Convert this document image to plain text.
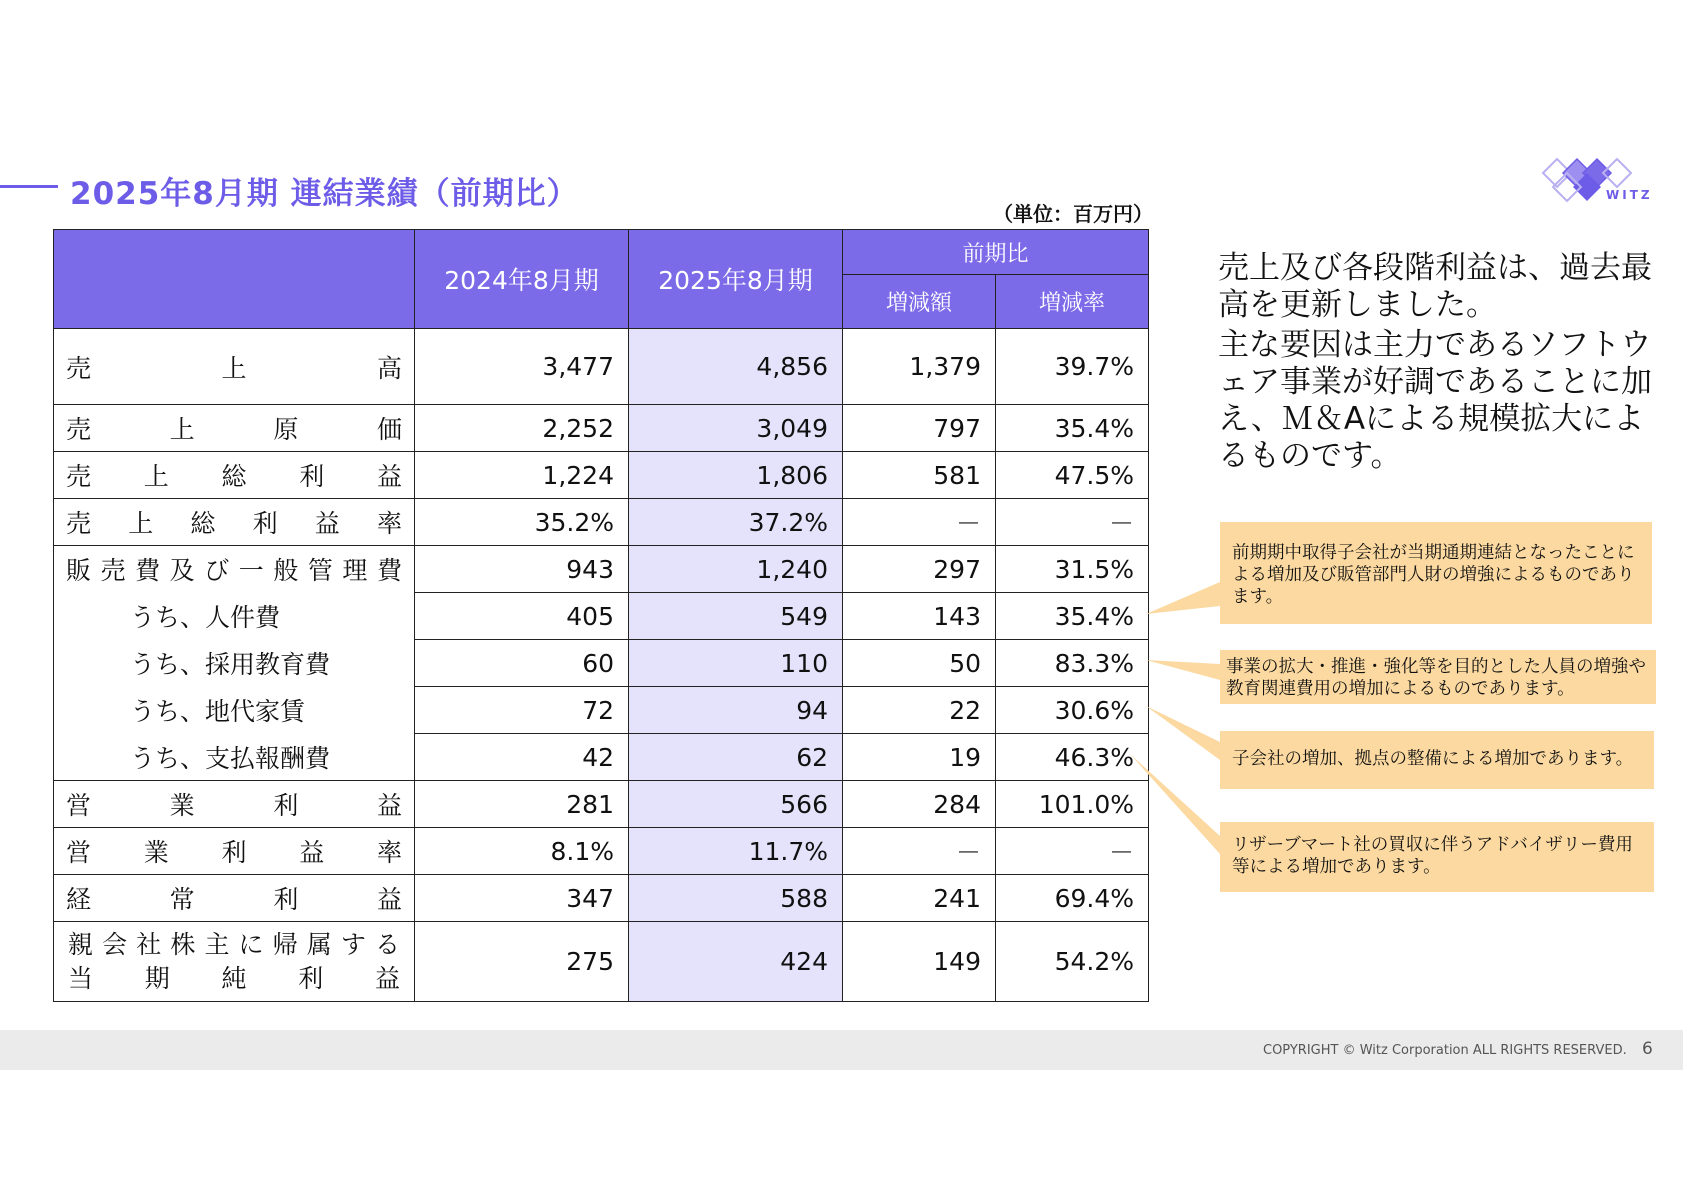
2025年8月期 連結業績（前期比）
（単位：百万円）
WITZ
	2024年8月期	2025年8月期	前期比	
			増減額	増減率
売上高	3,477	4,856	1,379	39.7%
売上原価	2,252	3,049	797	35.4%
売上総利益	1,224	1,806	581	47.5%
売上総利益率	35.2%	37.2%	－	－
販売費及び一般管理費	943	1,240	297	31.5%
うち、人件費	405	549	143	35.4%
うち、採用教育費	60	110	50	83.3%
うち、地代家賃	72	94	22	30.6%
うち、支払報酬費	42	62	19	46.3%
営業利益	281	566	284	101.0%
営業利益率	8.1%	11.7%	－	－
経常利益	347	588	241	69.4%

親会社株主に帰属する
当期純利益	275	424	149	54.2%

売上及び各段階利益は、過去最高を更新しました。

主な要因は主力であるソフトウェア事業が好調であることに加え、Ｍ＆Aによる規模拡大によるものです。

前期期中取得子会社が当期通期連結となったことによる増加及び販管部門人財の増強によるものであります。
事業の拡大・推進・強化等を目的とした人員の増強や教育関連費用の増加によるものであります。
子会社の増加、拠点の整備による増加であります。
リザーブマート社の買収に伴うアドバイザリー費用等による増加であります。
COPYRIGHT © Witz Corporation ALL RIGHTS RESERVED. 6
